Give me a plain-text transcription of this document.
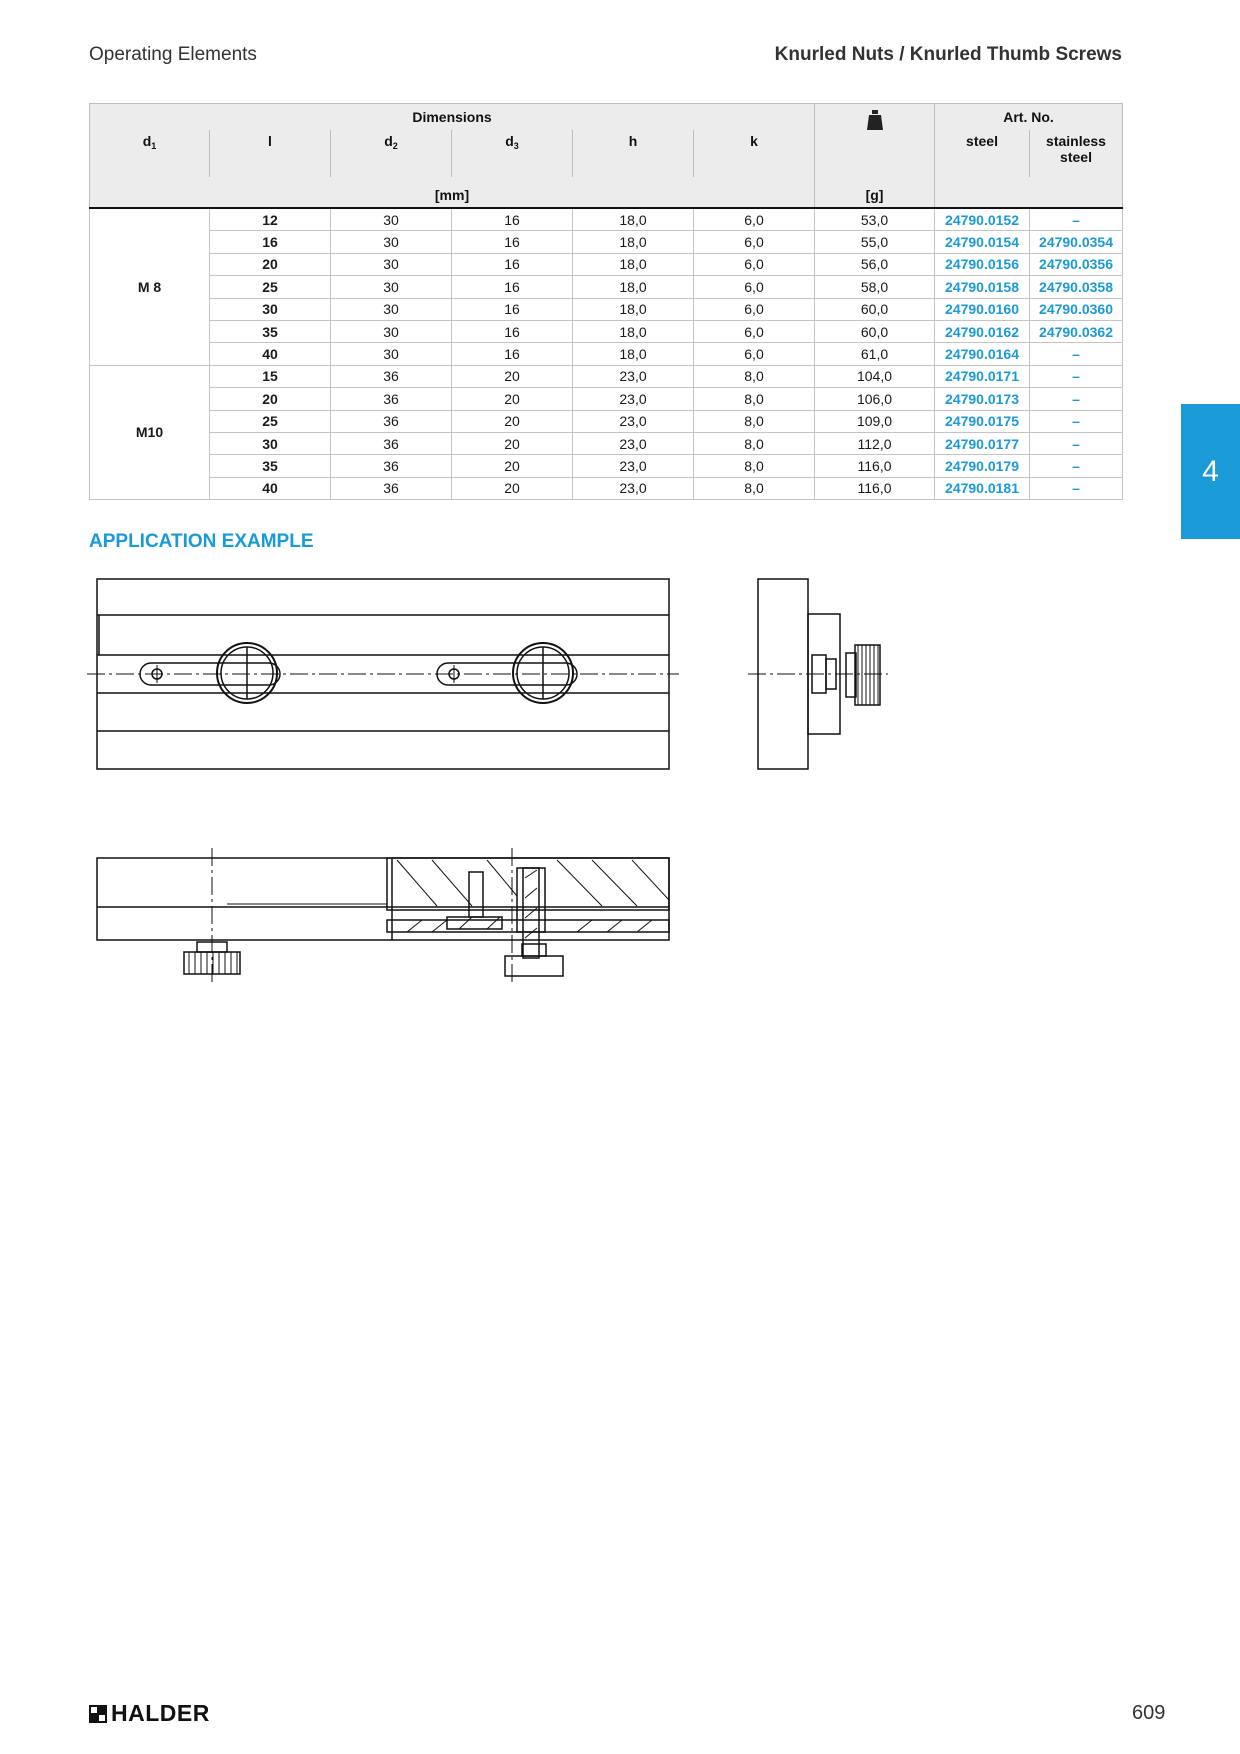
Operating Elements	Knurled Nuts / Knurled Thumb Screws
Dimensions							Art. No.	
$d_1$	l	$d_2$	$d_3$	h	k		steel	stainless steel
[mm]						[g]		
M 8	12	30	16	18,0	6,0	53,0	24790.0152	–
	16	30	16	18,0	6,0	55,0	24790.0154	24790.0354
	20	30	16	18,0	6,0	56,0	24790.0156	24790.0356
	25	30	16	18,0	6,0	58,0	24790.0158	24790.0358
	30	30	16	18,0	6,0	60,0	24790.0160	24790.0360
	35	30	16	18,0	6,0	60,0	24790.0162	24790.0362
	40	30	16	18,0	6,0	61,0	24790.0164	–
M10	15	36	20	23,0	8,0	104,0	24790.0171	–
	20	36	20	23,0	8,0	106,0	24790.0173	–
	25	36	20	23,0	8,0	109,0	24790.0175	–
	30	36	20	23,0	8,0	112,0	24790.0177	–
	35	36	20	23,0	8,0	116,0	24790.0179	–
	40	36	20	23,0	8,0	116,0	24790.0181	–
4
APPLICATION EXAMPLE
HALDER	609
